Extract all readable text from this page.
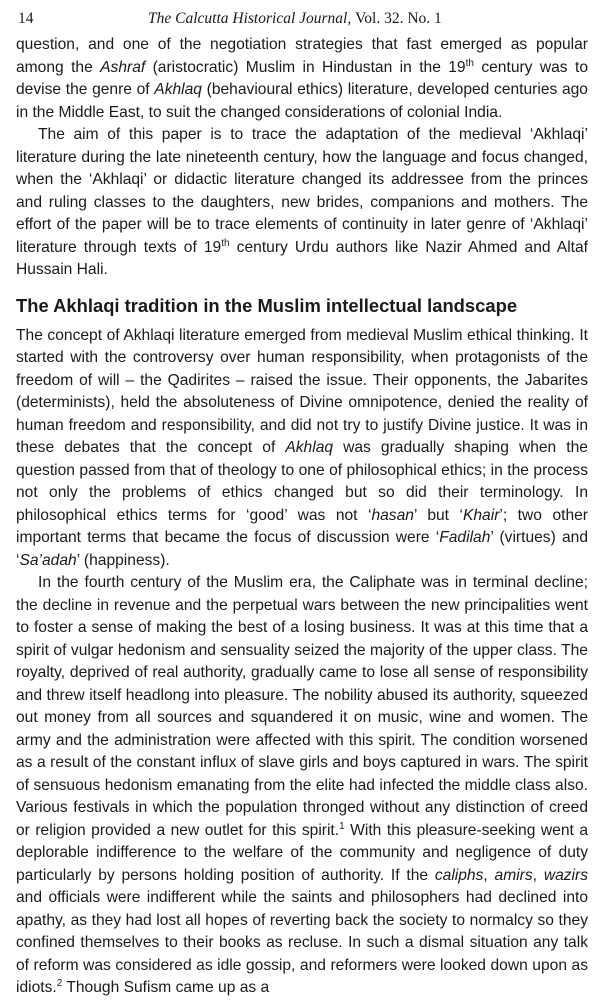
14	The Calcutta Historical Journal, Vol. 32. No. 1

question, and one of the negotiation strategies that fast emerged as popular among the Ashraf (aristocratic) Muslim in Hindustan in the 19th century was to devise the genre of Akhlaq (behavioural ethics) literature, developed centuries ago in the Middle East, to suit the changed considerations of colonial India.

The aim of this paper is to trace the adaptation of the medieval ‘Akhlaqi’ literature during the late nineteenth century, how the language and focus changed, when the ‘Akhlaqi’ or didactic literature changed its addressee from the princes and ruling classes to the daughters, new brides, companions and mothers. The effort of the paper will be to trace elements of continuity in later genre of ‘Akhlaqi’ literature through texts of 19th century Urdu authors like Nazir Ahmed and Altaf Hussain Hali.

The Akhlaqi tradition in the Muslim intellectual landscape

The concept of Akhlaqi literature emerged from medieval Muslim ethical thinking. It started with the controversy over human responsibility, when protagonists of the freedom of will – the Qadirites – raised the issue. Their opponents, the Jabarites (determinists), held the absoluteness of Divine omnipotence, denied the reality of human freedom and responsibility, and did not try to justify Divine justice. It was in these debates that the concept of Akhlaq was gradually shaping when the question passed from that of theology to one of philosophical ethics; in the process not only the problems of ethics changed but so did their terminology. In philosophical ethics terms for ‘good’ was not ‘hasan’ but ‘Khair’; two other important terms that became the focus of discussion were ‘Fadilah’ (virtues) and ‘Sa’adah’ (happiness).

In the fourth century of the Muslim era, the Caliphate was in terminal decline; the decline in revenue and the perpetual wars between the new principalities went to foster a sense of making the best of a losing business. It was at this time that a spirit of vulgar hedonism and sensuality seized the majority of the upper class. The royalty, deprived of real authority, gradually came to lose all sense of responsibility and threw itself headlong into pleasure. The nobility abused its authority, squeezed out money from all sources and squandered it on music, wine and women. The army and the administration were affected with this spirit. The condition worsened as a result of the constant influx of slave girls and boys captured in wars. The spirit of sensuous hedonism emanating from the elite had infected the middle class also. Various festivals in which the population thronged without any distinction of creed or religion provided a new outlet for this spirit.$^1$ With this pleasure-seeking went a deplorable indifference to the welfare of the community and negligence of duty particularly by persons holding position of authority. If the caliphs, amirs, wazirs and officials were indifferent while the saints and philosophers had declined into apathy, as they had lost all hopes of reverting back the society to normalcy so they confined themselves to their books as recluse. In such a dismal situation any talk of reform was considered as idle gossip, and reformers were looked down upon as idiots.$^2$ Though Sufism came up as a
